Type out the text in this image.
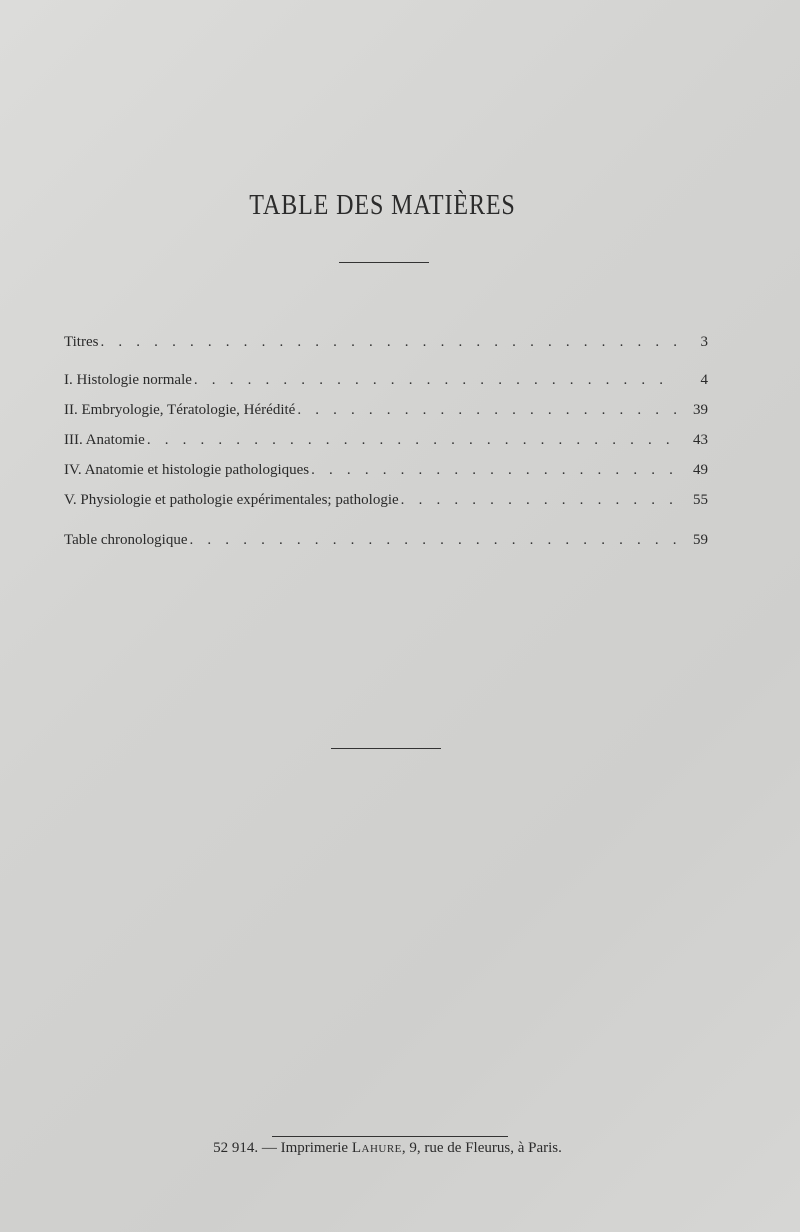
TABLE DES MATIÈRES
Titres . . .	3
I. Histologie normale . . .	4
II. Embryologie, Tératologie, Hérédité . . .	39
III. Anatomie . . .	43
IV. Anatomie et histologie pathologiques . . .	49
V. Physiologie et pathologie expérimentales; pathologie . . .	55
Table chronologique . . .	59
52 914. — Imprimerie Lahure, 9, rue de Fleurus, à Paris.
